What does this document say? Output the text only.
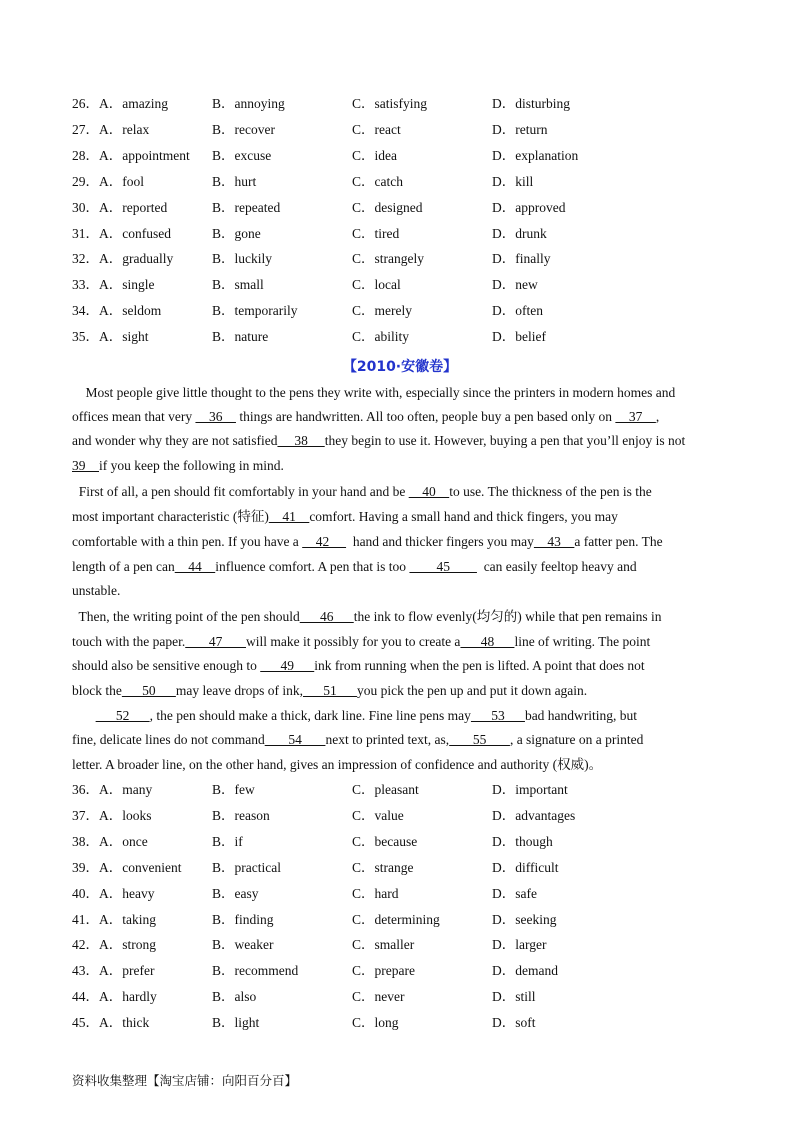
26．A．amazing	B．annoying	C．satisfying	D．disturbing
27．A．relax	B．recover	C．react	D．return
28．A．appointment B．excuse	C．idea	D．explanation
29．A．fool	B．hurt	C．catch	D．kill
30．A．reported	B．repeated	C．designed	D．approved
31．A．confused	B．gone	C．tired	D．drunk
32．A．gradually	B．luckily	C．strangely	D．finally
33．A．single	B．small	C．local	D．new
34．A．seldom	B．temporarily	C．merely	D．often
35．A．sight	B．nature	C．ability	D．belief
【2010·安徽卷】
Most people give little thought to the pens they write with, especially since the printers in modern homes and
offices mean that very     36     things are handwritten. All too often, people buy a pen based only on     37    ,
and wonder why they are not satisfied     38     they begin to use it. However, buying a pen that you’ll enjoy is not
39    if you keep the following in mind.
First of all, a pen should fit comfortably in your hand and be     40    to use. The thickness of the pen is the
most important characteristic (特征)    41    comfort. Having a small hand and thick fingers, you may
comfortable with a thin pen. If you have a     42       hand and thicker fingers you may    43    a fatter pen. The
length of a pen can    44    influence comfort. A pen that is too         45          can easily feeltop heavy and
unstable.
Then, the writing point of the pen should      46      the ink to flow evenly(均匀的) while that pen remains in
touch with the paper.       47       will make it possibly for you to create a      48      line of writing. The point
should also be sensitive enough to       49      ink from running when the pen is lifted. A point that does not
block the      50      may leave drops of ink,      51      you pick the pen up and put it down again.
52      , the pen should make a thick, dark line. Fine line pens may      53      bad handwriting, but
fine, delicate lines do not command       54       next to printed text, as,       55       , a signature on a printed
letter. A broader line, on the other hand, gives an impression of confidence and authority (权威)。
36．A．many	B．few	C．pleasant	D．important
37．A．looks	B．reason	C．value	D．advantages
38．A．once	B．if	C．because	D．though
39．A．convenient B．practical	C．strange	D．difficult
40．A．heavy	B．easy	C．hard	D．safe
41．A．taking	B．finding	C．determining	D．seeking
42．A．strong	B．weaker	C．smaller	D．larger
43．A．prefer	B．recommend	C．prepare	D．demand
44．A．hardly	B．also	C．never	D．still
45．A．thick	B．light	C．long	D．soft
资料收集整理【淘宝店铺：向阳百分百】
